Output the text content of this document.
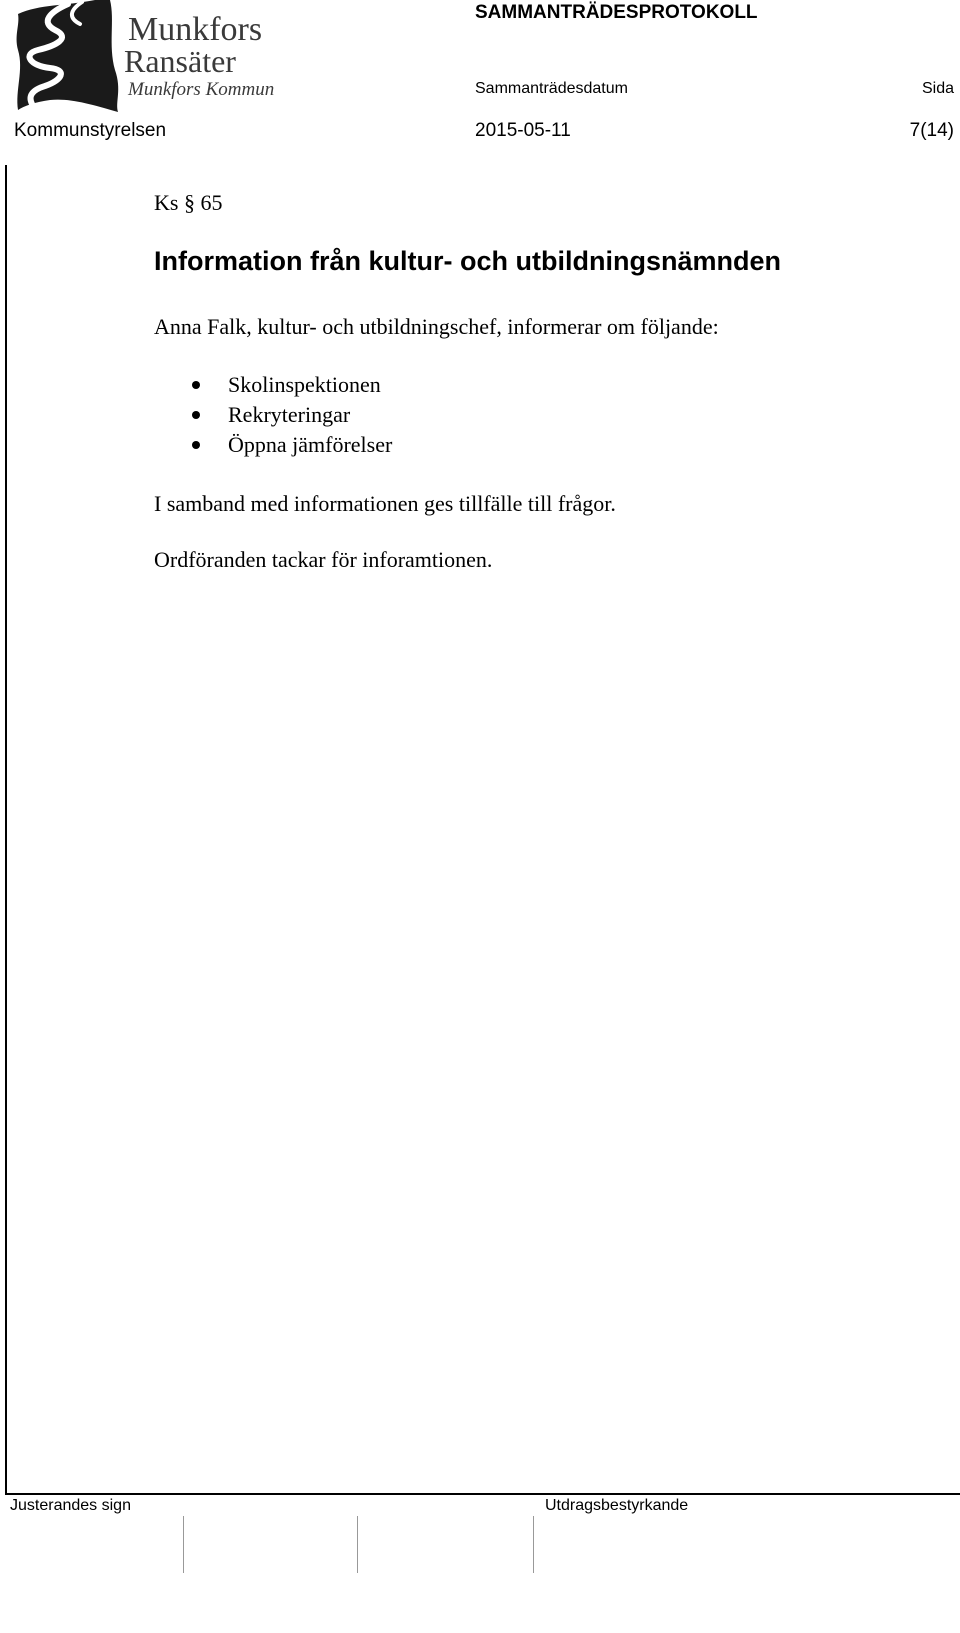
Munkfors
Ransäter
Munkfors Kommun
SAMMANTRÄDESPROTOKOLL
Sammanträdesdatum	Sida
Kommunstyrelsen	2015-05-11	7(14)
Ks § 65
Information från kultur- och utbildningsnämnden
Anna Falk, kultur- och utbildningschef, informerar om följande:
Skolinspektionen
Rekryteringar
Öppna jämförelser
I samband med informationen ges tillfälle till frågor.
Ordföranden tackar för inforamtionen.
Justerandes sign	Utdragsbestyrkande
